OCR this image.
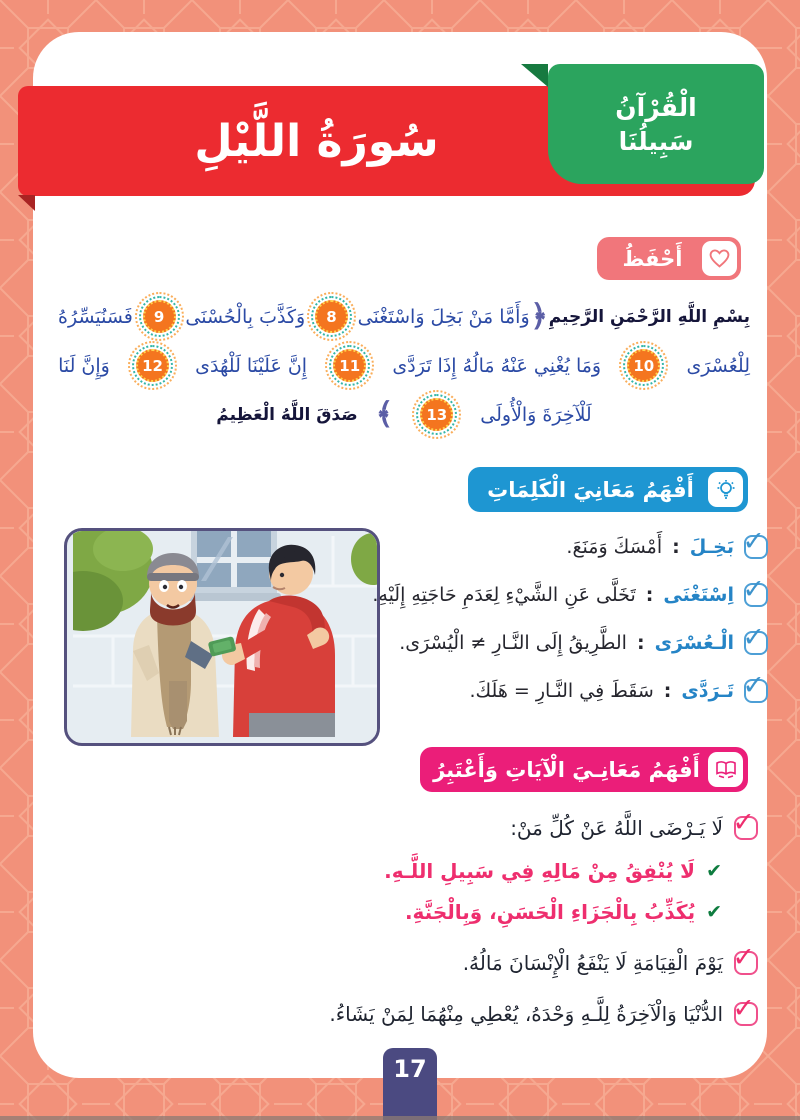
سُورَةُ اللَّيْلِ
الْقُرْآنُ
سَبِيلُنَا
أَحْفَظُ
بِسْمِ اللَّهِ الرَّحْمَنِ الرَّحِيمِ
﴿
وَأَمَّا مَنْ بَخِلَ وَاسْتَغْنَى
8
وَكَذَّبَ بِالْحُسْنَى
9
فَسَنُيَسِّرُهُ
لِلْعُسْرَى
10
وَمَا يُغْنِي عَنْهُ مَالُهُ إِذَا تَرَدَّى
11
إِنَّ عَلَيْنَا لَلْهُدَى
12
وَإِنَّ لَنَا
لَلْآخِرَةَ وَالْأُولَى
13
﴾
صَدَقَ اللَّهُ الْعَظِيمُ
أَفْهَمُ مَعَانِيَ الْكَلِمَاتِ
✓
بَخِـلَ
:
أَمْسَكَ وَمَنَعَ.
✓
اِسْتَغْنَى
:
تَخَلَّى عَنِ الشَّيْءِ لِعَدَمِ حَاجَتِهِ إِلَيْهِ.
✓
الْـعُسْرَى
:
الطَّرِيقُ إِلَى النَّـارِ ≠ الْيُسْرَى.
✓
تَـرَدَّى
:
سَقَطَ فِي النَّـارِ = هَلَكَ.
أَفْهَمُ مَعَانِـيَ الْآيَاتِ وَأَعْتَبِرُ
✓
لَا يَـرْضَى اللَّهُ عَنْ كُلِّ مَنْ:
✔
لَا يُنْفِقُ مِنْ مَالِهِ فِي سَبِيلِ اللَّـهِ.
✔
يُكَذِّبُ بِالْجَزَاءِ الْحَسَنِ، وَبِالْجَنَّةِ.
✓
يَوْمَ الْقِيَامَةِ لَا يَنْفَعُ الْإِنْسَانَ مَالُهُ.
✓
الدُّنْيَا وَالْآخِرَةُ لِلَّـهِ وَحْدَهُ، يُعْطِي مِنْهُمَا لِمَنْ يَشَاءُ.
17
